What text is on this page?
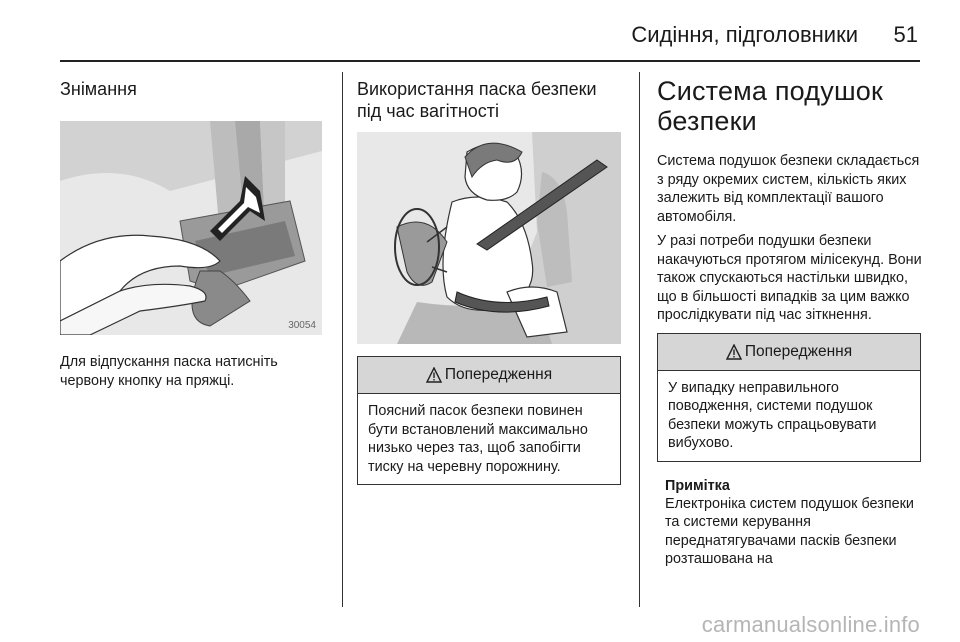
Сидіння, підголовники 51
Знімання
30054

Для відпускання паска натисніть червону кнопку на пряжці.

Використання паска безпеки
під час вагітності
Попередження
Поясний пасок безпеки повинен бути встановлений максимально низько через таз, щоб запобігти тиску на черевну порожнину.
Система подушок
безпеки

Система подушок безпеки складається з ряду окремих систем, кількість яких залежить від комплектації вашого автомобіля.

У разі потреби подушки безпеки накачуються протягом мілісекунд. Вони також спускаються настільки швидко, що в більшості випадків за цим важко прослідкувати під час зіткнення.

Попередження
У випадку неправильного поводження, системи подушок безпеки можуть спрацьовувати вибухово.
Примітка
Електроніка систем подушок безпеки та системи керування переднатягувачами пасків безпеки розташована на
carmanualsonline.info
